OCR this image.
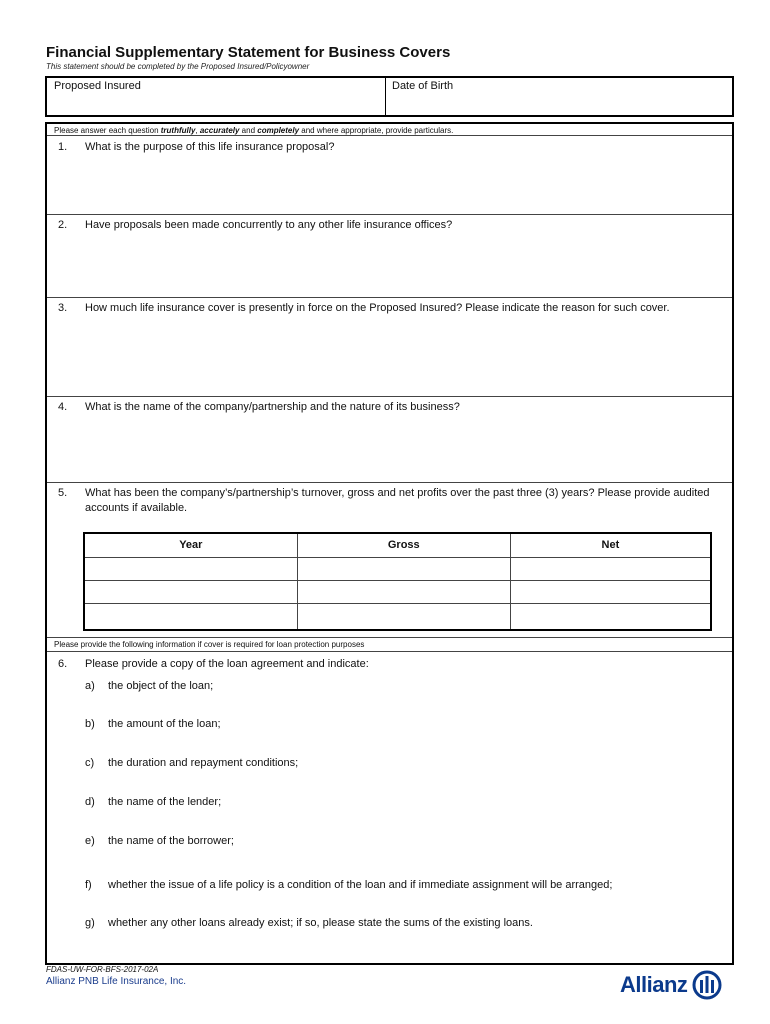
Financial Supplementary Statement for Business Covers
This statement should be completed by the Proposed Insured/Policyowner
Proposed Insured	Date of Birth
Please answer each question truthfully, accurately and completely and where appropriate, provide particulars.
1. What is the purpose of this life insurance proposal?
2. Have proposals been made concurrently to any other life insurance offices?
3. How much life insurance cover is presently in force on the Proposed Insured? Please indicate the reason for such cover.
4. What is the name of the company/partnership and the nature of its business?
5. What has been the company’s/partnership’s turnover, gross and net profits over the past three (3) years? Please provide audited accounts if available.
Year	Gross	Net

Please provide the following information if cover is required for loan protection purposes
6. Please provide a copy of the loan agreement and indicate:
a) the object of the loan;
b) the amount of the loan;
c) the duration and repayment conditions;
d) the name of the lender;
e) the name of the borrower;
f) whether the issue of a life policy is a condition of the loan and if immediate assignment will be arranged;
g) whether any other loans already exist; if so, please state the sums of the existing loans.
FDAS-UW-FOR-BFS-2017-02A
Allianz PNB Life Insurance, Inc.	Allianz
